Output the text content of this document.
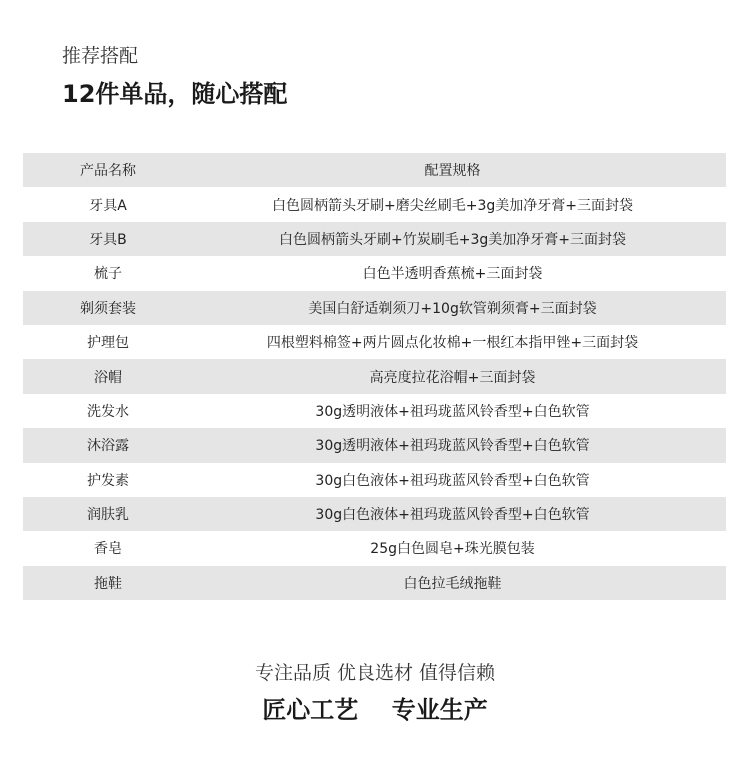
推荐搭配
12件单品，随心搭配
产品名称	配置规格
牙具A	白色圆柄箭头牙刷+磨尖丝刷毛+3g美加净牙膏+三面封袋
牙具B	白色圆柄箭头牙刷+竹炭刷毛+3g美加净牙膏+三面封袋
梳子	白色半透明香蕉梳+三面封袋
剃须套装	美国白舒适剃须刀+10g软管剃须膏+三面封袋
护理包	四根塑料棉签+两片圆点化妆棉+一根红本指甲锉+三面封袋
浴帽	高亮度拉花浴帽+三面封袋
洗发水	30g透明液体+祖玛珑蓝风铃香型+白色软管
沐浴露	30g透明液体+祖玛珑蓝风铃香型+白色软管
护发素	30g白色液体+祖玛珑蓝风铃香型+白色软管
润肤乳	30g白色液体+祖玛珑蓝风铃香型+白色软管
香皂	25g白色圆皂+珠光膜包装
拖鞋	白色拉毛绒拖鞋
专注品质 优良选材 值得信赖
匠心工艺    专业生产
